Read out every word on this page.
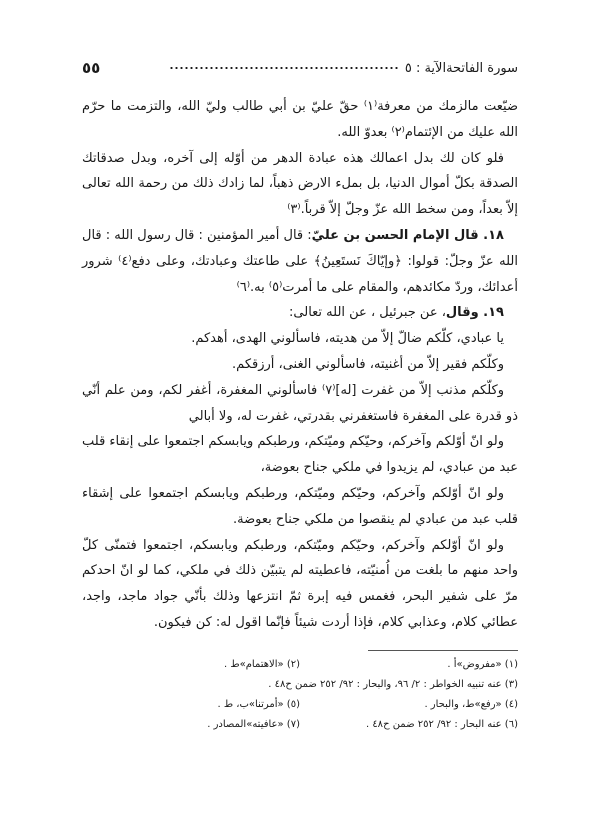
٥٥	سورة الفاتحةالآية : ٥

ضيّعت مالزمك من معرفة⁽١⁾ حقّ عليّ بن أبي طالب وليّ الله، والتزمت ما حرّم الله عليك من الإئتمام⁽٢⁾ بعدوّ الله.

فلو كان لك بدل اعمالك هذه عبادة الدهر من أوّله إلى آخره، وبدل صدقاتك الصدقة بكلّ أموال الدنيا، بل بملء الارض ذهباً، لما زادك ذلك من رحمة الله تعالى إلاّ بعداً، ومن سخط الله عزّ وجلّ إلاّ قرباً.⁽٣⁾

١٨. قال الإمام الحسن بن عليّ: قال أمير المؤمنين : قال رسول الله : قال الله عزّ وجلّ: قولوا: ﴿وإيّاكَ نَستَعِينُ﴾ على طاعتك وعبادتك، وعلى دفع⁽٤⁾ شرور أعدائك، وردّ مكائدهم، والمقام على ما أمرت⁽٥⁾ به.⁽٦⁾

١٩. وقال، عن جبرئيل ، عن الله تعالى:

يا عبادي، كلّكم ضالّ إلاّ من هديته، فاسألوني الهدى، أهدكم.

وكلّكم فقير إلاّ من أغنيته، فاسألوني الغنى، أرزقكم.

وكلّكم مذنب إلاّ من غفرت [له]⁽٧⁾ فاسألوني المغفرة، أغفر لكم، ومن علم أنّي ذو قدرة على المغفرة فاستغفرني بقدرتي، غفرت له، ولا أبالي

ولو انّ أوّلكم وآخركم، وحيّكم وميّتكم، ورطبكم ويابسكم اجتمعوا على إنقاء قلب عبد من عبادي، لم يزيدوا في ملكي جناح بعوضة،

ولو انّ أوّلكم وآخركم، وحيّكم وميّتكم، ورطبكم ويابسكم اجتمعوا على إشقاء قلب عبد من عبادي لم ينقصوا من ملكي جناح بعوضة.

ولو انّ أوّلكم وآخركم، وحيّكم وميّتكم، ورطبكم ويابسكم، اجتمعوا فتمنّى كلّ واحد منهم ما بلغت من اُمنيّته، فاعطيته لم يتبيّن ذلك في ملكي، كما لو انّ احدكم مرّ على شفير البحر، فغمس فيه إبرة ثمّ انتزعها وذلك بأنّي جواد ماجد، واجد، عطائي كلام، وعذابي كلام، فإذا أردت شيئاً فإنّما اقول له: كن فيكون.

(١) «مفروض»أ .
(٢) «الاهتمام»ط .
(٣) عنه تنبيه الخواطر : ٢/ ٩٦، والبحار : ٩٢/ ٢٥٢ ضمن ح٤٨ .
(٤) «رفع»ط، والبحار .
(٥) «أمرتنا»ب، ط .
(٦) عنه البحار : ٩٢/ ٢٥٢ ضمن ح٤٨ .
(٧) «عافيته»المصادر .
